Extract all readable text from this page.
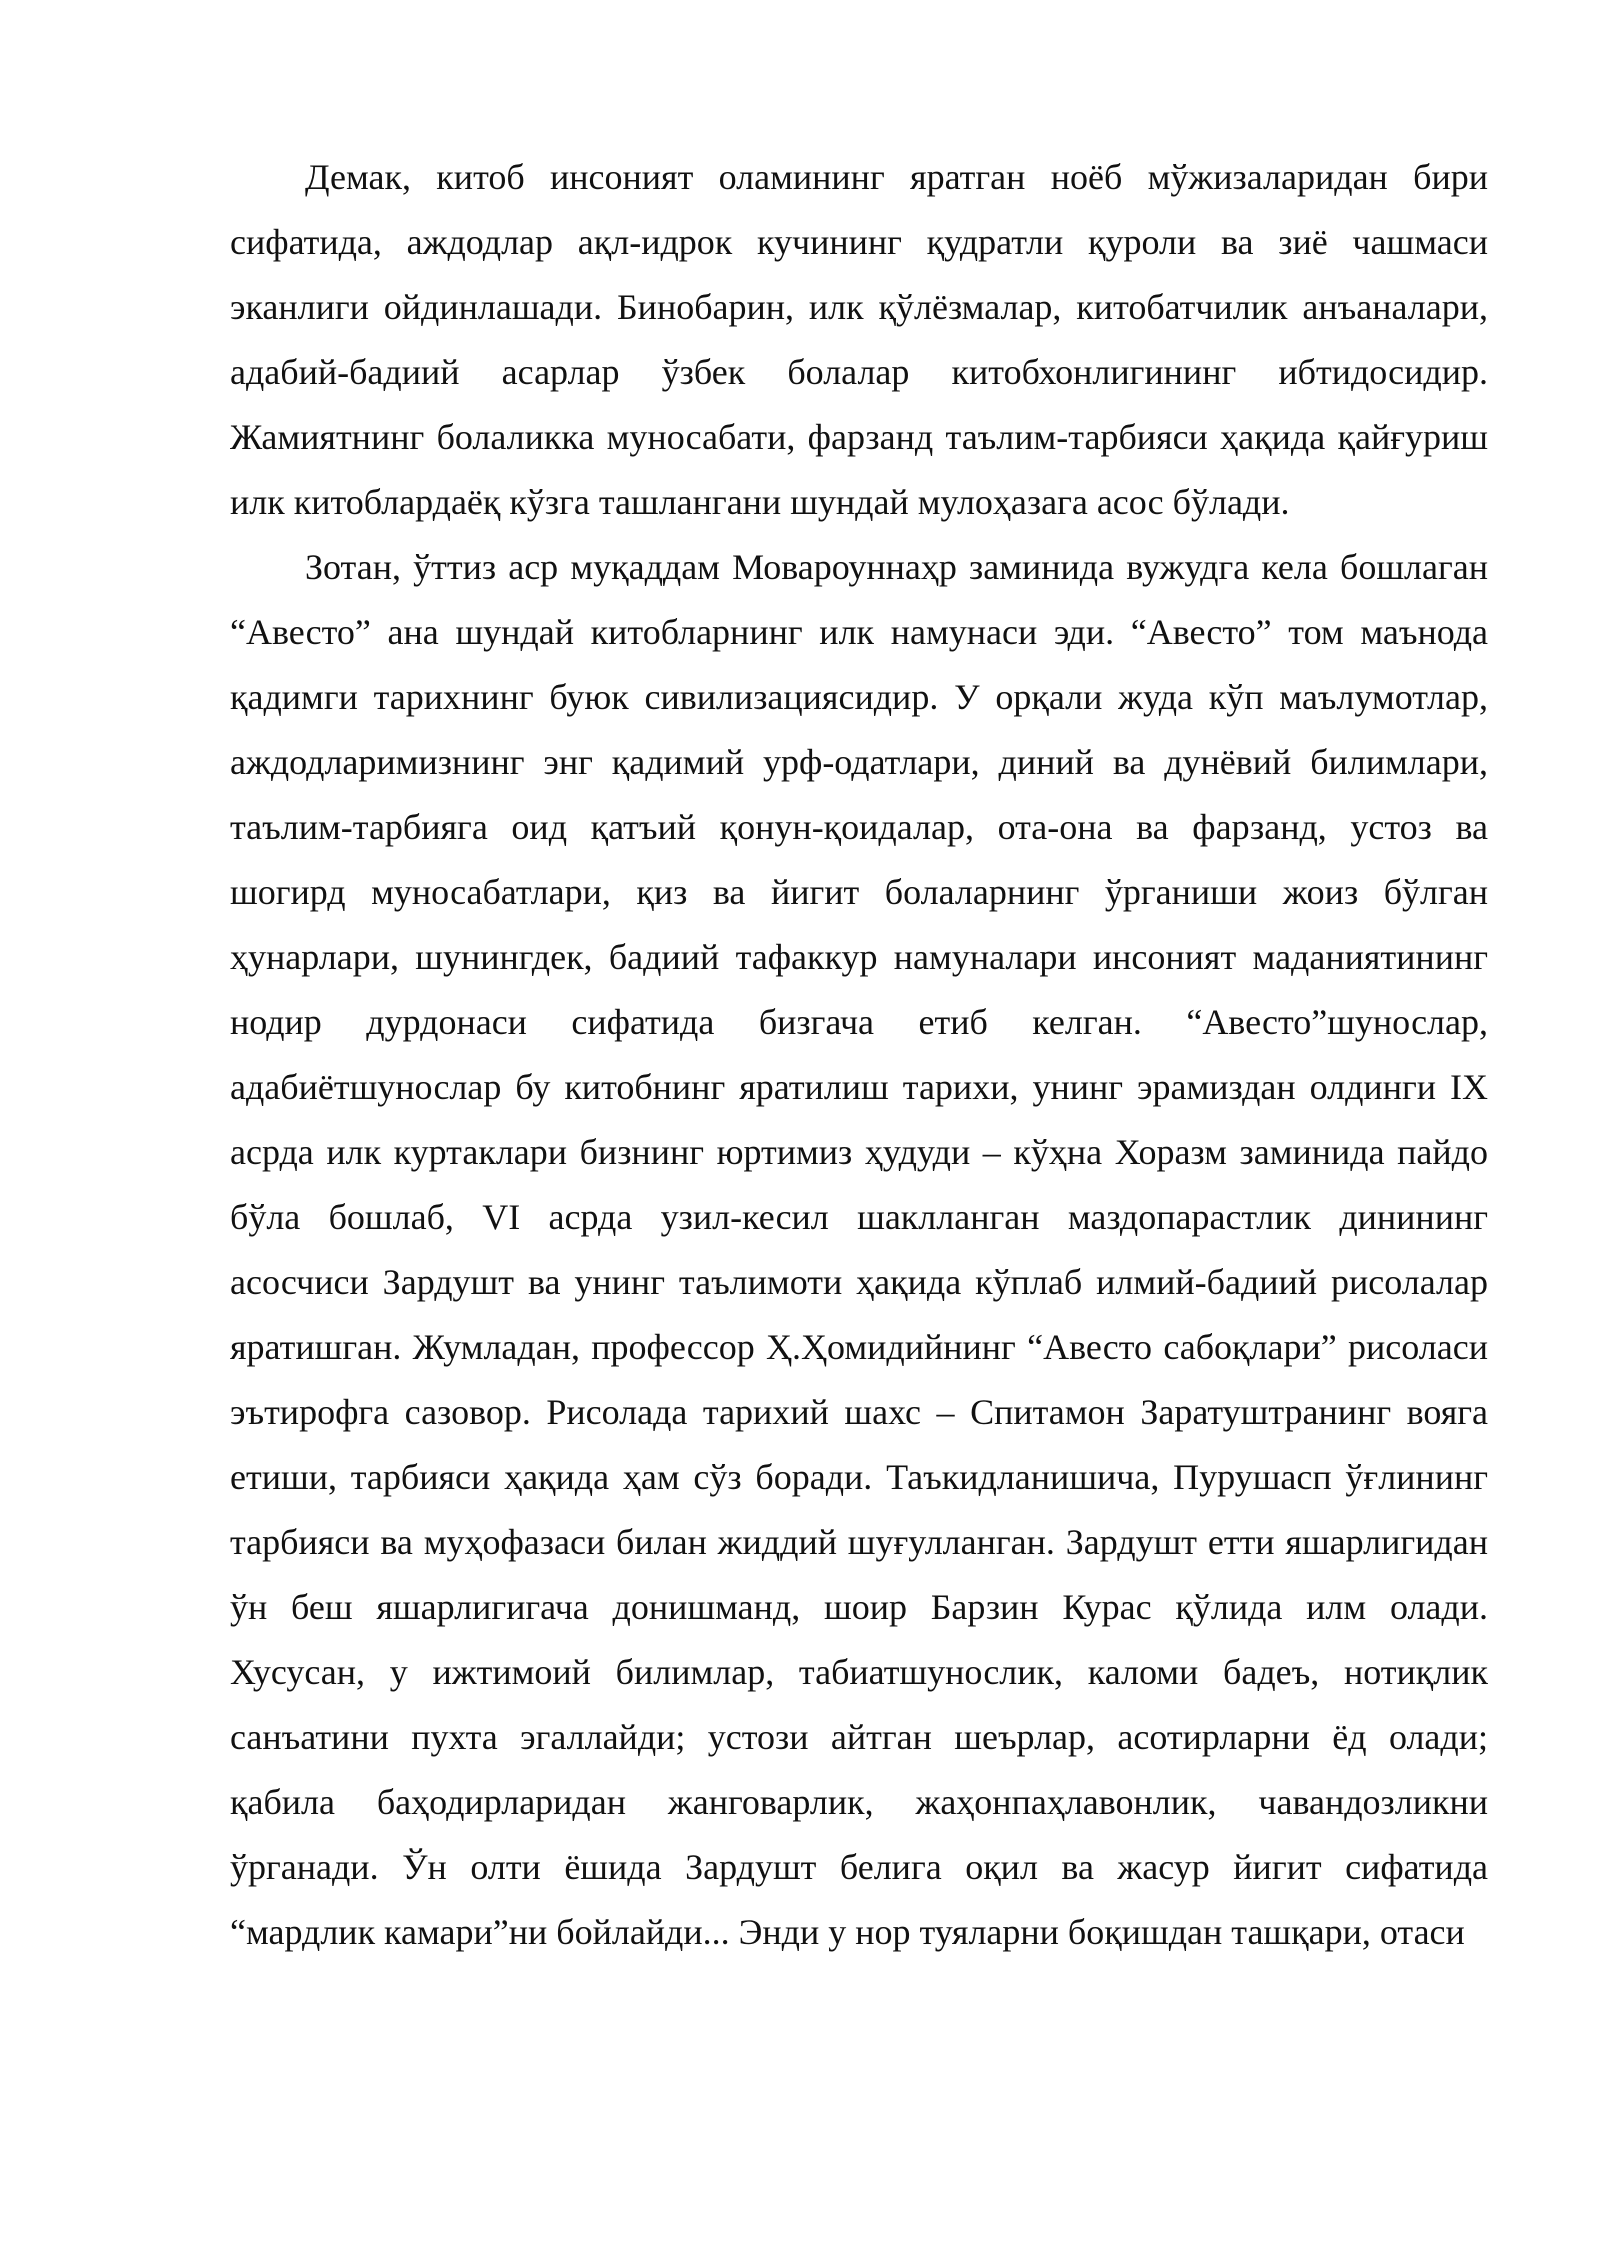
Демак, китоб инсоният оламининг яратган ноёб мўжизаларидан бири сифатида, аждодлар ақл-идрок кучининг қудратли қуроли ва зиё чашмаси эканлиги ойдинлашади. Бинобарин, илк қўлёзмалар, китобатчилик анъаналари, адабий-бадиий асарлар ўзбек болалар китобхонлигининг ибтидосидир. Жамиятнинг болаликка муносабати, фарзанд таълим-тарбияси ҳақида қайғуриш илк китоблардаёқ кўзга ташлангани шундай мулоҳазага асос бўлади.

Зотан, ўттиз аср муқаддам Мовароуннаҳр заминида вужудга кела бошлаган “Авесто” ана шундай китобларнинг илк намунаси эди. “Авесто” том маънода қадимги тарихнинг буюк сивилизациясидир. У орқали жуда кўп маълумотлар, аждодларимизнинг энг қадимий урф-одатлари, диний ва дунёвий билимлари, таълим-тарбияга оид қатъий қонун-қоидалар, ота-она ва фарзанд, устоз ва шогирд муносабатлари, қиз ва йигит болаларнинг ўрганиши жоиз бўлган ҳунарлари, шунингдек, бадиий тафаккур намуналари инсоният маданиятининг нодир дурдонаси сифатида бизгача етиб келган. “Авесто”шунослар, адабиётшунослар бу китобнинг яратилиш тарихи, унинг эрамиздан олдинги IX асрда илк куртаклари бизнинг юртимиз ҳудуди – кўҳна Хоразм заминида пайдо бўла бошлаб, VI асрда узил-кесил шаклланган маздопарастлик динининг асосчиси Зардушт ва унинг таълимоти ҳақида кўплаб илмий-бадиий рисолалар яратишган. Жумладан, профессор Ҳ.Ҳомидийнинг “Авесто сабоқлари” рисоласи эътирофга сазовор. Рисолада тарихий шахс – Спитамон Заратуштранинг вояга етиши, тарбияси ҳақида ҳам сўз боради. Таъкидланишича, Пурушасп ўғлининг тарбияси ва муҳофазаси билан жиддий шуғулланган. Зардушт етти яшарлигидан ўн беш яшарлигигача донишманд, шоир Барзин Курас қўлида илм олади. Хусусан, у ижтимоий билимлар, табиатшунослик, каломи бадеъ, нотиқлик санъатини пухта эгаллайди; устози айтган шеърлар, асотирларни ёд олади; қабила баҳодирларидан жанговарлик, жаҳонпаҳлавонлик, чавандозликни ўрганади. Ўн олти ёшида Зардушт белига оқил ва жасур йигит сифатида “мардлик камари”ни бойлайди... Энди у нор туяларни боқишдан ташқари, отаси
